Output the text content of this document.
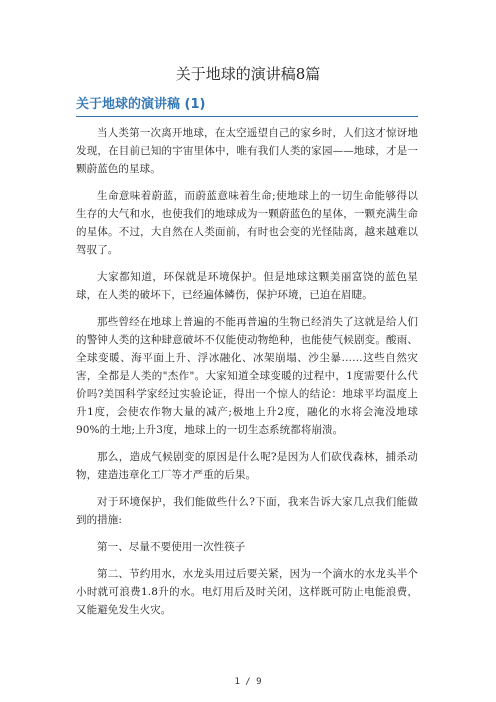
关于地球的演讲稿8篇
关于地球的演讲稿 (1)

当人类第一次离开地球，在太空遥望自己的家乡时，人们这才惊讶地发现，在目前已知的宇宙里体中，唯有我们人类的家园——地球，才是一颗蔚蓝色的星球。

生命意味着蔚蓝，而蔚蓝意味着生命;使地球上的一切生命能够得以生存的大气和水，也使我们的地球成为一颗蔚蓝色的星体，一颗充满生命的星体。不过，大自然在人类面前，有时也会变的光怪陆离，越来越难以驾驭了。

大家都知道，环保就是环境保护。但是地球这颗美丽富饶的蓝色星球，在人类的破坏下，已经遍体鳞伤，保护环境，已迫在眉睫。

那些曾经在地球上普遍的不能再普遍的生物已经消失了这就是给人们的警钟人类的这种肆意破坏不仅能使动物绝种，也能使气候剧变。酸雨、全球变暖、海平面上升、浮冰融化、冰架崩塌、沙尘暴……这些自然灾害，全都是人类的"杰作"。大家知道全球变暖的过程中，1度需要什么代价吗?美国科学家经过实验论证，得出一个惊人的结论：地球平均温度上升1度，会使农作物大量的减产;极地上升2度，融化的水将会淹没地球90%的土地;上升3度，地球上的一切生态系统都将崩溃。

那么，造成气候剧变的原因是什么呢?是因为人们砍伐森林，捕杀动物，建造违章化工厂等才严重的后果。

对于环境保护，我们能做些什么?下面，我来告诉大家几点我们能做到的措施:

第一、尽量不要使用一次性筷子

第二、节约用水，水龙头用过后要关紧，因为一个滴水的水龙头半个小时就可浪费1.8升的水。电灯用后及时关闭，这样既可防止电能浪费，又能避免发生火灾。

1 / 9
